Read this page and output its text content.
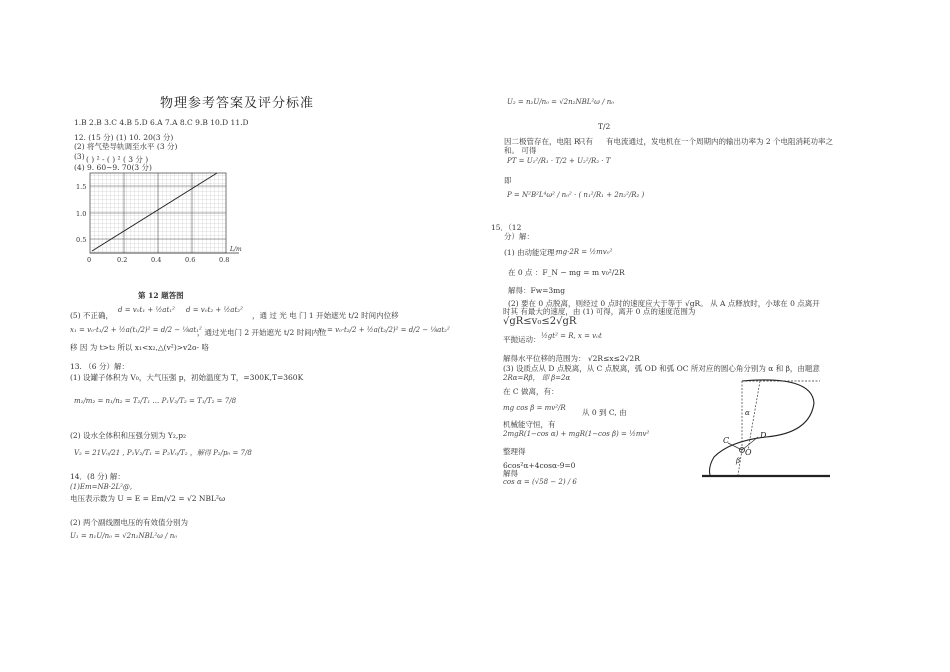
物理参考答案及评分标准
1.B 2.B 3.C 4.B 5.D 6.A 7.A 8.C 9.B 10.D 11.D
12. (15 分) (1) 10. 20(3 分)
(2) 将气垫导轨调至水平 (3 分)
(3) ( ) ² - ( ) ² ( 3 分 )
(4) 9. 60~9. 70(3 分)
1.5
1.0
0.5
0	0.2	0.4	0.6	0.8
L/m
第 12 题答图
(5) 不正确，
d = v₀t₁ + ½at₁² d = v₀t₂ + ½at₂²
，通 过 光 电 门 1 开始遮光 t/2 时间内位移
x₁ = v₀·t₁/2 + ½a(t₁/2)² = d/2 − ⅛at₁²
，通过光电门 2 开始遮光 t/2 时间内位
x₂ = v₀·t₂/2 + ½a(t₂/2)² = d/2 − ⅛at₂²
移 因 为 t>t₂ 所以 x₁<x₂,△(v²)>v2o- 咯
13. （6 分）解：
(1) 设罐子体积为 V₀，大气压强 p，初始温度为 T，=300K,T=360K
m₁/m₂ = n₁/n₂ = T₂/T₁ … P₁V₂/T₂ = T₁/T₂ = 7/8
(2) 设水全体积和压强分别为 Y₂,p₂
V₂ = 21V₀/21 , P₁V₂/T₁ = P₂V₀/T₂ ，解得 P₂/p₀ = 7/8
14．(8 分) 解：
(1)Em=NB·2L²@,
电压表示数为 U = E = Em/√2 = √2 NBL²ω
(2) 两个副线圈电压的有效值分别为
U₁ = n₁U/n₀ = √2n₁NBL²ω / n₀
U₂ = n₂U/n₀ = √2n₂NBL²ω / n₀
T/2
因二极管存在，电阻 R
只有 有电流通过，发电机在一个周期内的输出功率为 2 个电阻消耗功率之
和。 可得
PT = U₁²/R₁ · T/2 + U₂²/R₂ · T
即
P = N²B²L⁴ω² / n₀² · ( n₁²/R₁ + 2n₂²/R₂ )
15．（12
分）解：
(1) 由动能定理：
mg·2R = ½mv₀²
在 0 点 ：F_N − mg = m v₀²/2R
解得：Fw=3mg
(2) 要在 0 点脱离，则经过 0 点时的速度应大于等于 √gR。 从 A 点释放时，小球在 0 点离开
时其 有最大的速度，由 (1) 可得，离开 0 点的速度范围为
√gR≤v₀≤2√gR
平抛运动： ½gt² = R, x = v₀t
解得水平位移的范围为： √2R≤x≤2√2R
(3) 设质点从 D 点脱离，从 C 点脱离，弧 OD 和弧 OC 所对应的圆心角分别为 α 和 β，由题意
2Rα=Rβ， 即 β=2α
在 C 做离，有：
mg cos β = mv²/R 从 0 到 C, 由
机械能守恒，有
2mgR(1−cos α) + mgR(1−cos β) = ½mv²
整理得
6cos²α+4cosα-9=0
解得
cos α = (√58 − 2) / 6
C
D
O
α
β
